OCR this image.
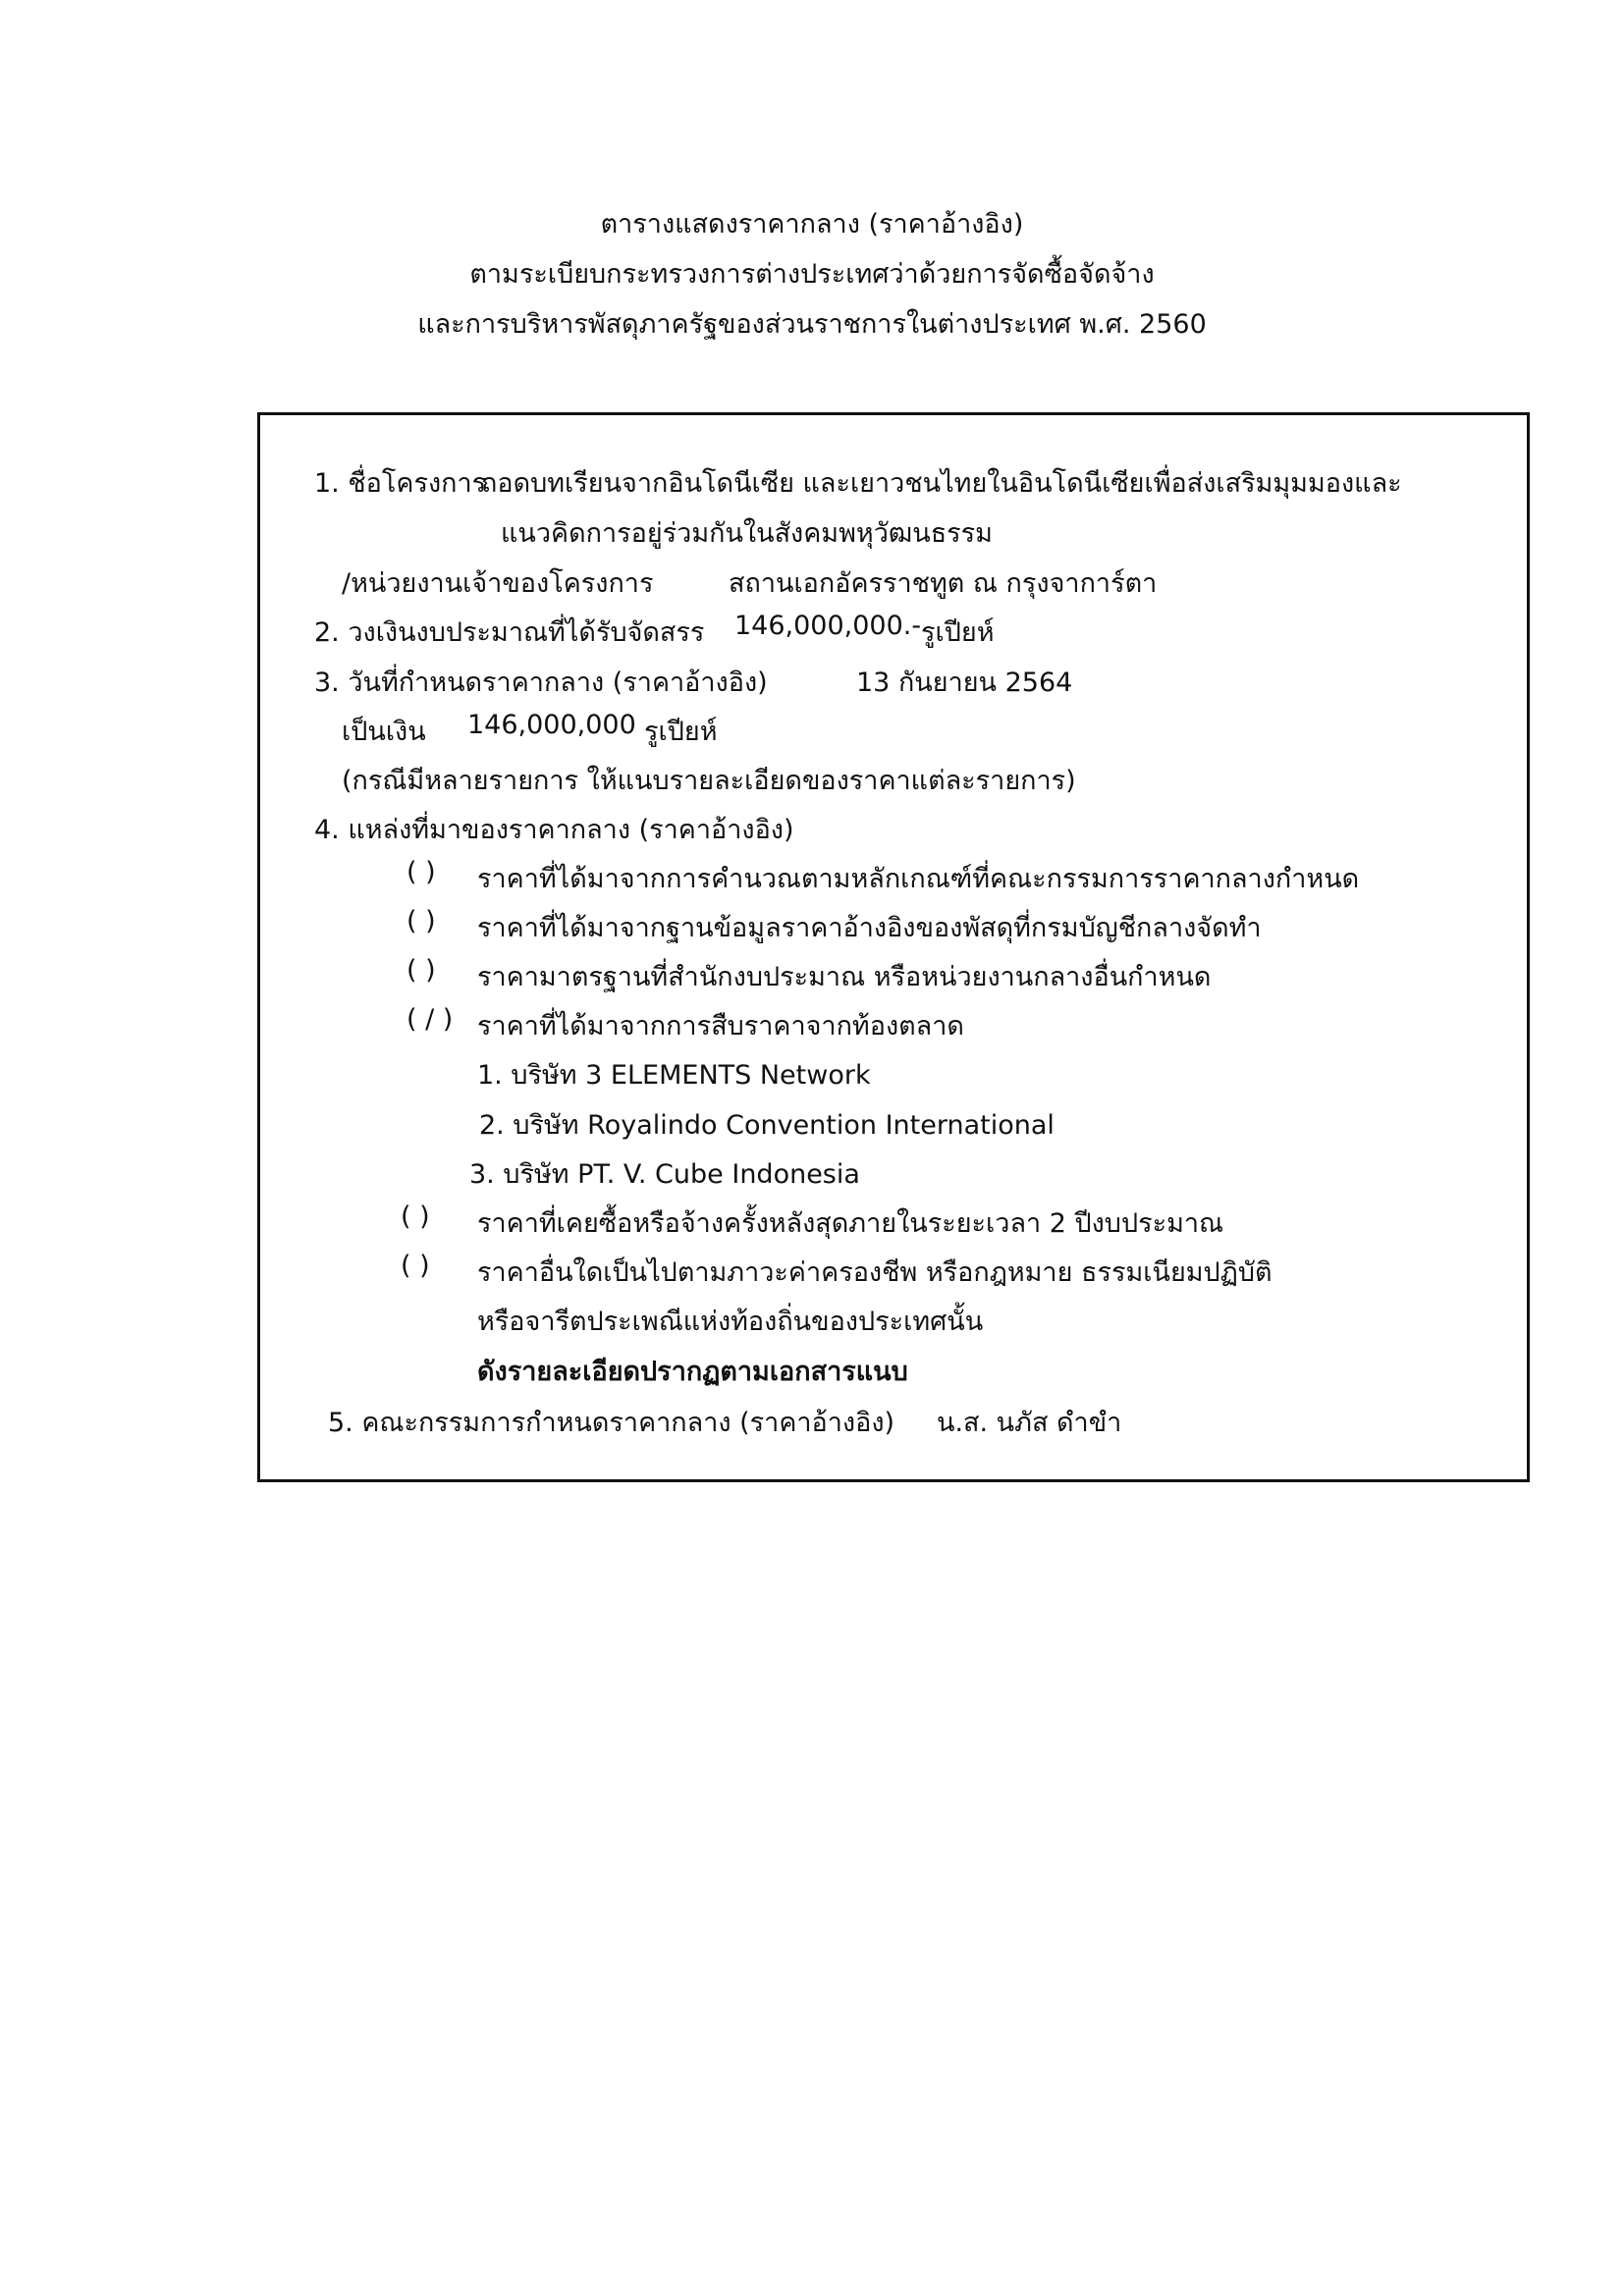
ตารางแสดงราคากลาง (ราคาอ้างอิง)
ตามระเบียบกระทรวงการต่างประเทศว่าด้วยการจัดซื้อจัดจ้าง
และการบริหารพัสดุภาครัฐของส่วนราชการในต่างประเทศ พ.ศ. 2560
1. ชื่อโครงการ
ถอดบทเรียนจากอินโดนีเซีย และเยาวชนไทยในอินโดนีเซียเพื่อส่งเสริมมุมมองและ
แนวคิดการอยู่ร่วมกันในสังคมพหุวัฒนธรรม
/หน่วยงานเจ้าของโครงการ	สถานเอกอัครราชทูต ณ กรุงจาการ์ตา
2. วงเงินงบประมาณที่ได้รับจัดสรร 146,000,000.- รูเปียห์
3. วันที่กำหนดราคากลาง (ราคาอ้างอิง)	13 กันยายน 2564
เป็นเงิน 146,000,000 รูเปียห์
(กรณีมีหลายรายการ ให้แนบรายละเอียดของราคาแต่ละรายการ)
4. แหล่งที่มาของราคากลาง (ราคาอ้างอิง)
( ) ราคาที่ได้มาจากการคำนวณตามหลักเกณฑ์ที่คณะกรรมการราคากลางกำหนด
( ) ราคาที่ได้มาจากฐานข้อมูลราคาอ้างอิงของพัสดุที่กรมบัญชีกลางจัดทำ
( ) ราคามาตรฐานที่สำนักงบประมาณ หรือหน่วยงานกลางอื่นกำหนด
( / ) ราคาที่ได้มาจากการสืบราคาจากท้องตลาด
1. บริษัท 3 ELEMENTS Network
2. บริษัท Royalindo Convention International
3. บริษัท PT. V. Cube Indonesia
( ) ราคาที่เคยซื้อหรือจ้างครั้งหลังสุดภายในระยะเวลา 2 ปีงบประมาณ
( ) ราคาอื่นใดเป็นไปตามภาวะค่าครองชีพ หรือกฎหมาย ธรรมเนียมปฏิบัติ
หรือจารีตประเพณีแห่งท้องถิ่นของประเทศนั้น
ดังรายละเอียดปรากฏตามเอกสารแนบ
5. คณะกรรมการกำหนดราคากลาง (ราคาอ้างอิง) น.ส. นภัส ดำขำ
